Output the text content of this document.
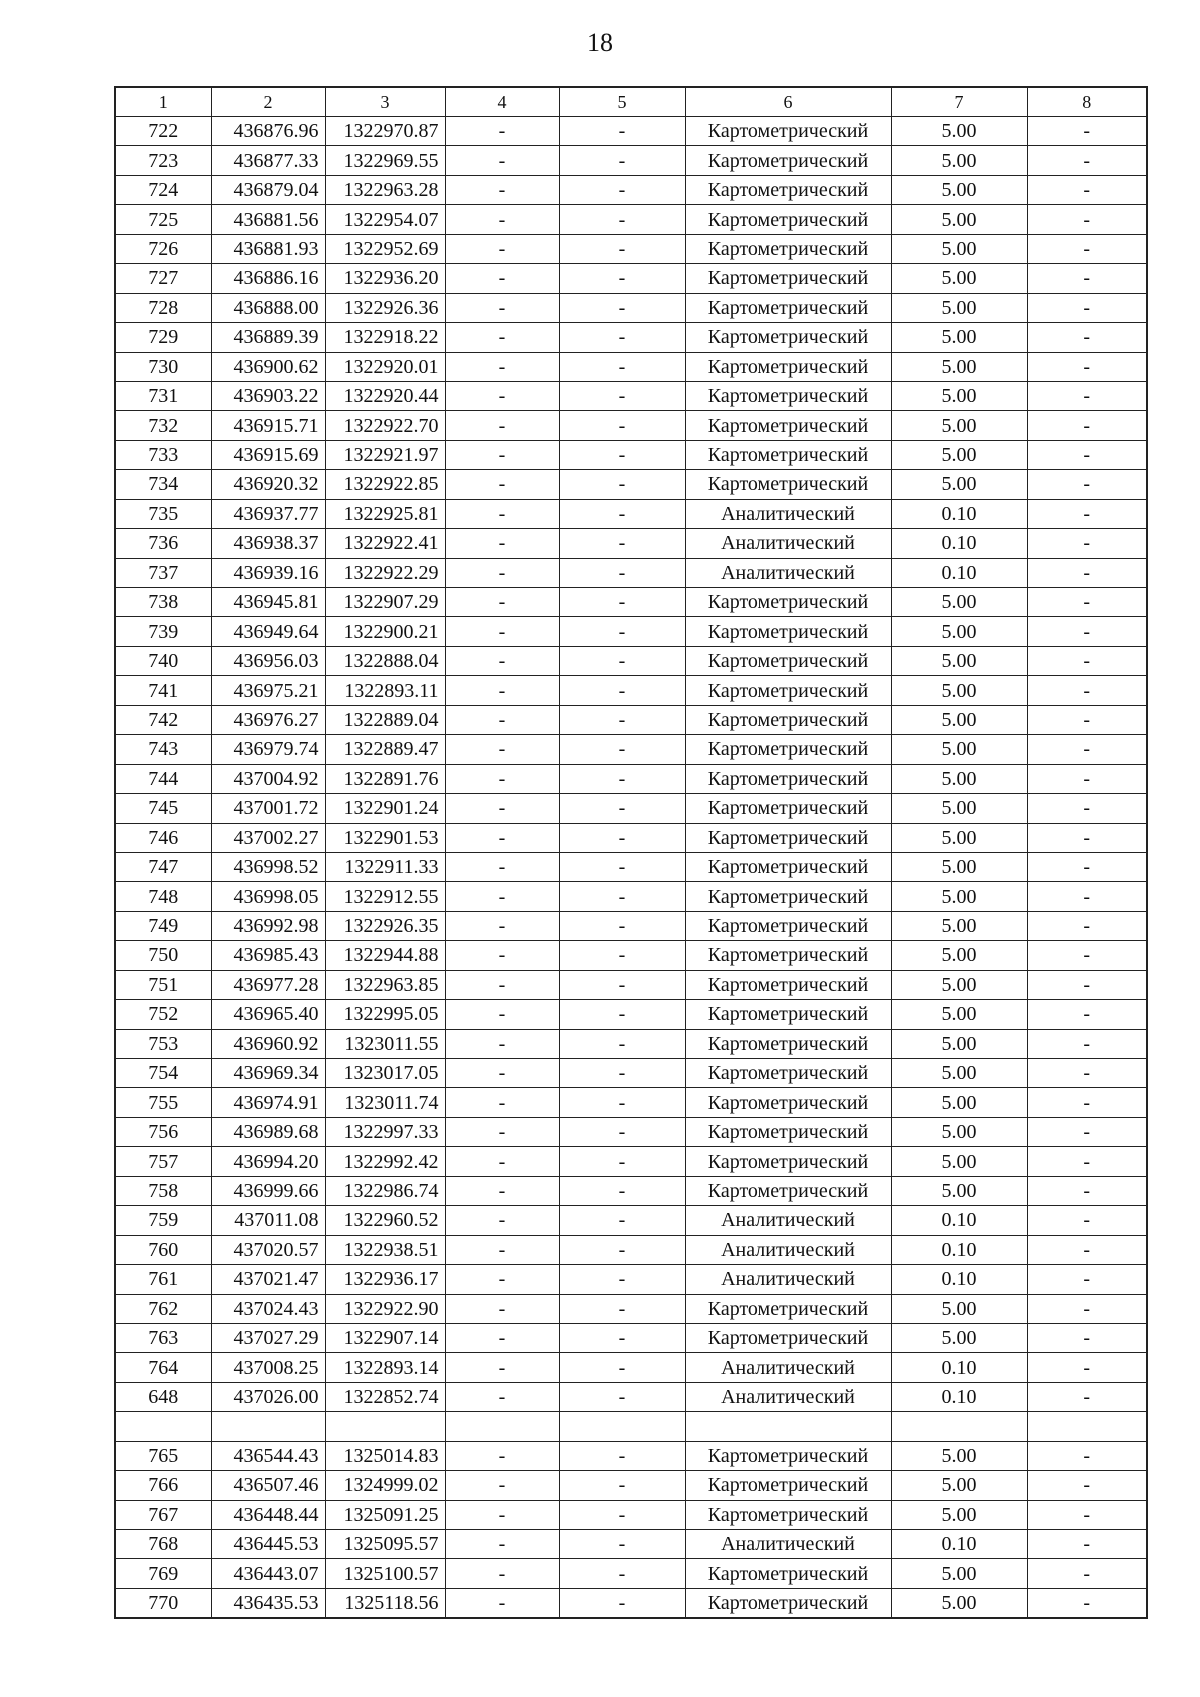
18
1	2	3	4	5	6	7	8
722	436876.96	1322970.87	-	-	Картометрический	5.00	-
723	436877.33	1322969.55	-	-	Картометрический	5.00	-
724	436879.04	1322963.28	-	-	Картометрический	5.00	-
725	436881.56	1322954.07	-	-	Картометрический	5.00	-
726	436881.93	1322952.69	-	-	Картометрический	5.00	-
727	436886.16	1322936.20	-	-	Картометрический	5.00	-
728	436888.00	1322926.36	-	-	Картометрический	5.00	-
729	436889.39	1322918.22	-	-	Картометрический	5.00	-
730	436900.62	1322920.01	-	-	Картометрический	5.00	-
731	436903.22	1322920.44	-	-	Картометрический	5.00	-
732	436915.71	1322922.70	-	-	Картометрический	5.00	-
733	436915.69	1322921.97	-	-	Картометрический	5.00	-
734	436920.32	1322922.85	-	-	Картометрический	5.00	-
735	436937.77	1322925.81	-	-	Аналитический	0.10	-
736	436938.37	1322922.41	-	-	Аналитический	0.10	-
737	436939.16	1322922.29	-	-	Аналитический	0.10	-
738	436945.81	1322907.29	-	-	Картометрический	5.00	-
739	436949.64	1322900.21	-	-	Картометрический	5.00	-
740	436956.03	1322888.04	-	-	Картометрический	5.00	-
741	436975.21	1322893.11	-	-	Картометрический	5.00	-
742	436976.27	1322889.04	-	-	Картометрический	5.00	-
743	436979.74	1322889.47	-	-	Картометрический	5.00	-
744	437004.92	1322891.76	-	-	Картометрический	5.00	-
745	437001.72	1322901.24	-	-	Картометрический	5.00	-
746	437002.27	1322901.53	-	-	Картометрический	5.00	-
747	436998.52	1322911.33	-	-	Картометрический	5.00	-
748	436998.05	1322912.55	-	-	Картометрический	5.00	-
749	436992.98	1322926.35	-	-	Картометрический	5.00	-
750	436985.43	1322944.88	-	-	Картометрический	5.00	-
751	436977.28	1322963.85	-	-	Картометрический	5.00	-
752	436965.40	1322995.05	-	-	Картометрический	5.00	-
753	436960.92	1323011.55	-	-	Картометрический	5.00	-
754	436969.34	1323017.05	-	-	Картометрический	5.00	-
755	436974.91	1323011.74	-	-	Картометрический	5.00	-
756	436989.68	1322997.33	-	-	Картометрический	5.00	-
757	436994.20	1322992.42	-	-	Картометрический	5.00	-
758	436999.66	1322986.74	-	-	Картометрический	5.00	-
759	437011.08	1322960.52	-	-	Аналитический	0.10	-
760	437020.57	1322938.51	-	-	Аналитический	0.10	-
761	437021.47	1322936.17	-	-	Аналитический	0.10	-
762	437024.43	1322922.90	-	-	Картометрический	5.00	-
763	437027.29	1322907.14	-	-	Картометрический	5.00	-
764	437008.25	1322893.14	-	-	Аналитический	0.10	-
648	437026.00	1322852.74	-	-	Аналитический	0.10	-

765	436544.43	1325014.83	-	-	Картометрический	5.00	-
766	436507.46	1324999.02	-	-	Картометрический	5.00	-
767	436448.44	1325091.25	-	-	Картометрический	5.00	-
768	436445.53	1325095.57	-	-	Аналитический	0.10	-
769	436443.07	1325100.57	-	-	Картометрический	5.00	-
770	436435.53	1325118.56	-	-	Картометрический	5.00	-
